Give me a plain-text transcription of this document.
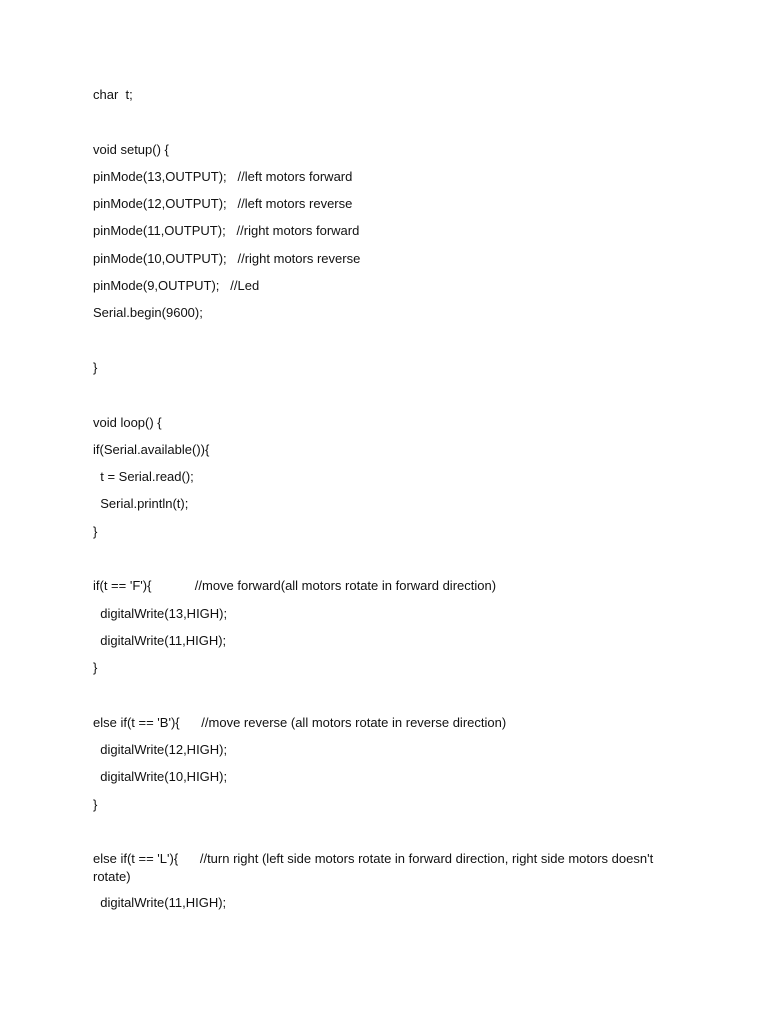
char  t;
void setup() {
pinMode(13,OUTPUT);   //left motors forward
pinMode(12,OUTPUT);   //left motors reverse
pinMode(11,OUTPUT);   //right motors forward
pinMode(10,OUTPUT);   //right motors reverse
pinMode(9,OUTPUT);   //Led
Serial.begin(9600);
}
void loop() {
if(Serial.available()){
t = Serial.read();
Serial.println(t);
}
if(t == 'F'){            //move forward(all motors rotate in forward direction)
digitalWrite(13,HIGH);
digitalWrite(11,HIGH);
}
else if(t == 'B'){      //move reverse (all motors rotate in reverse direction)
digitalWrite(12,HIGH);
digitalWrite(10,HIGH);
}
else if(t == 'L'){      //turn right (left side motors rotate in forward direction, right side motors doesn't rotate)
digitalWrite(11,HIGH);
